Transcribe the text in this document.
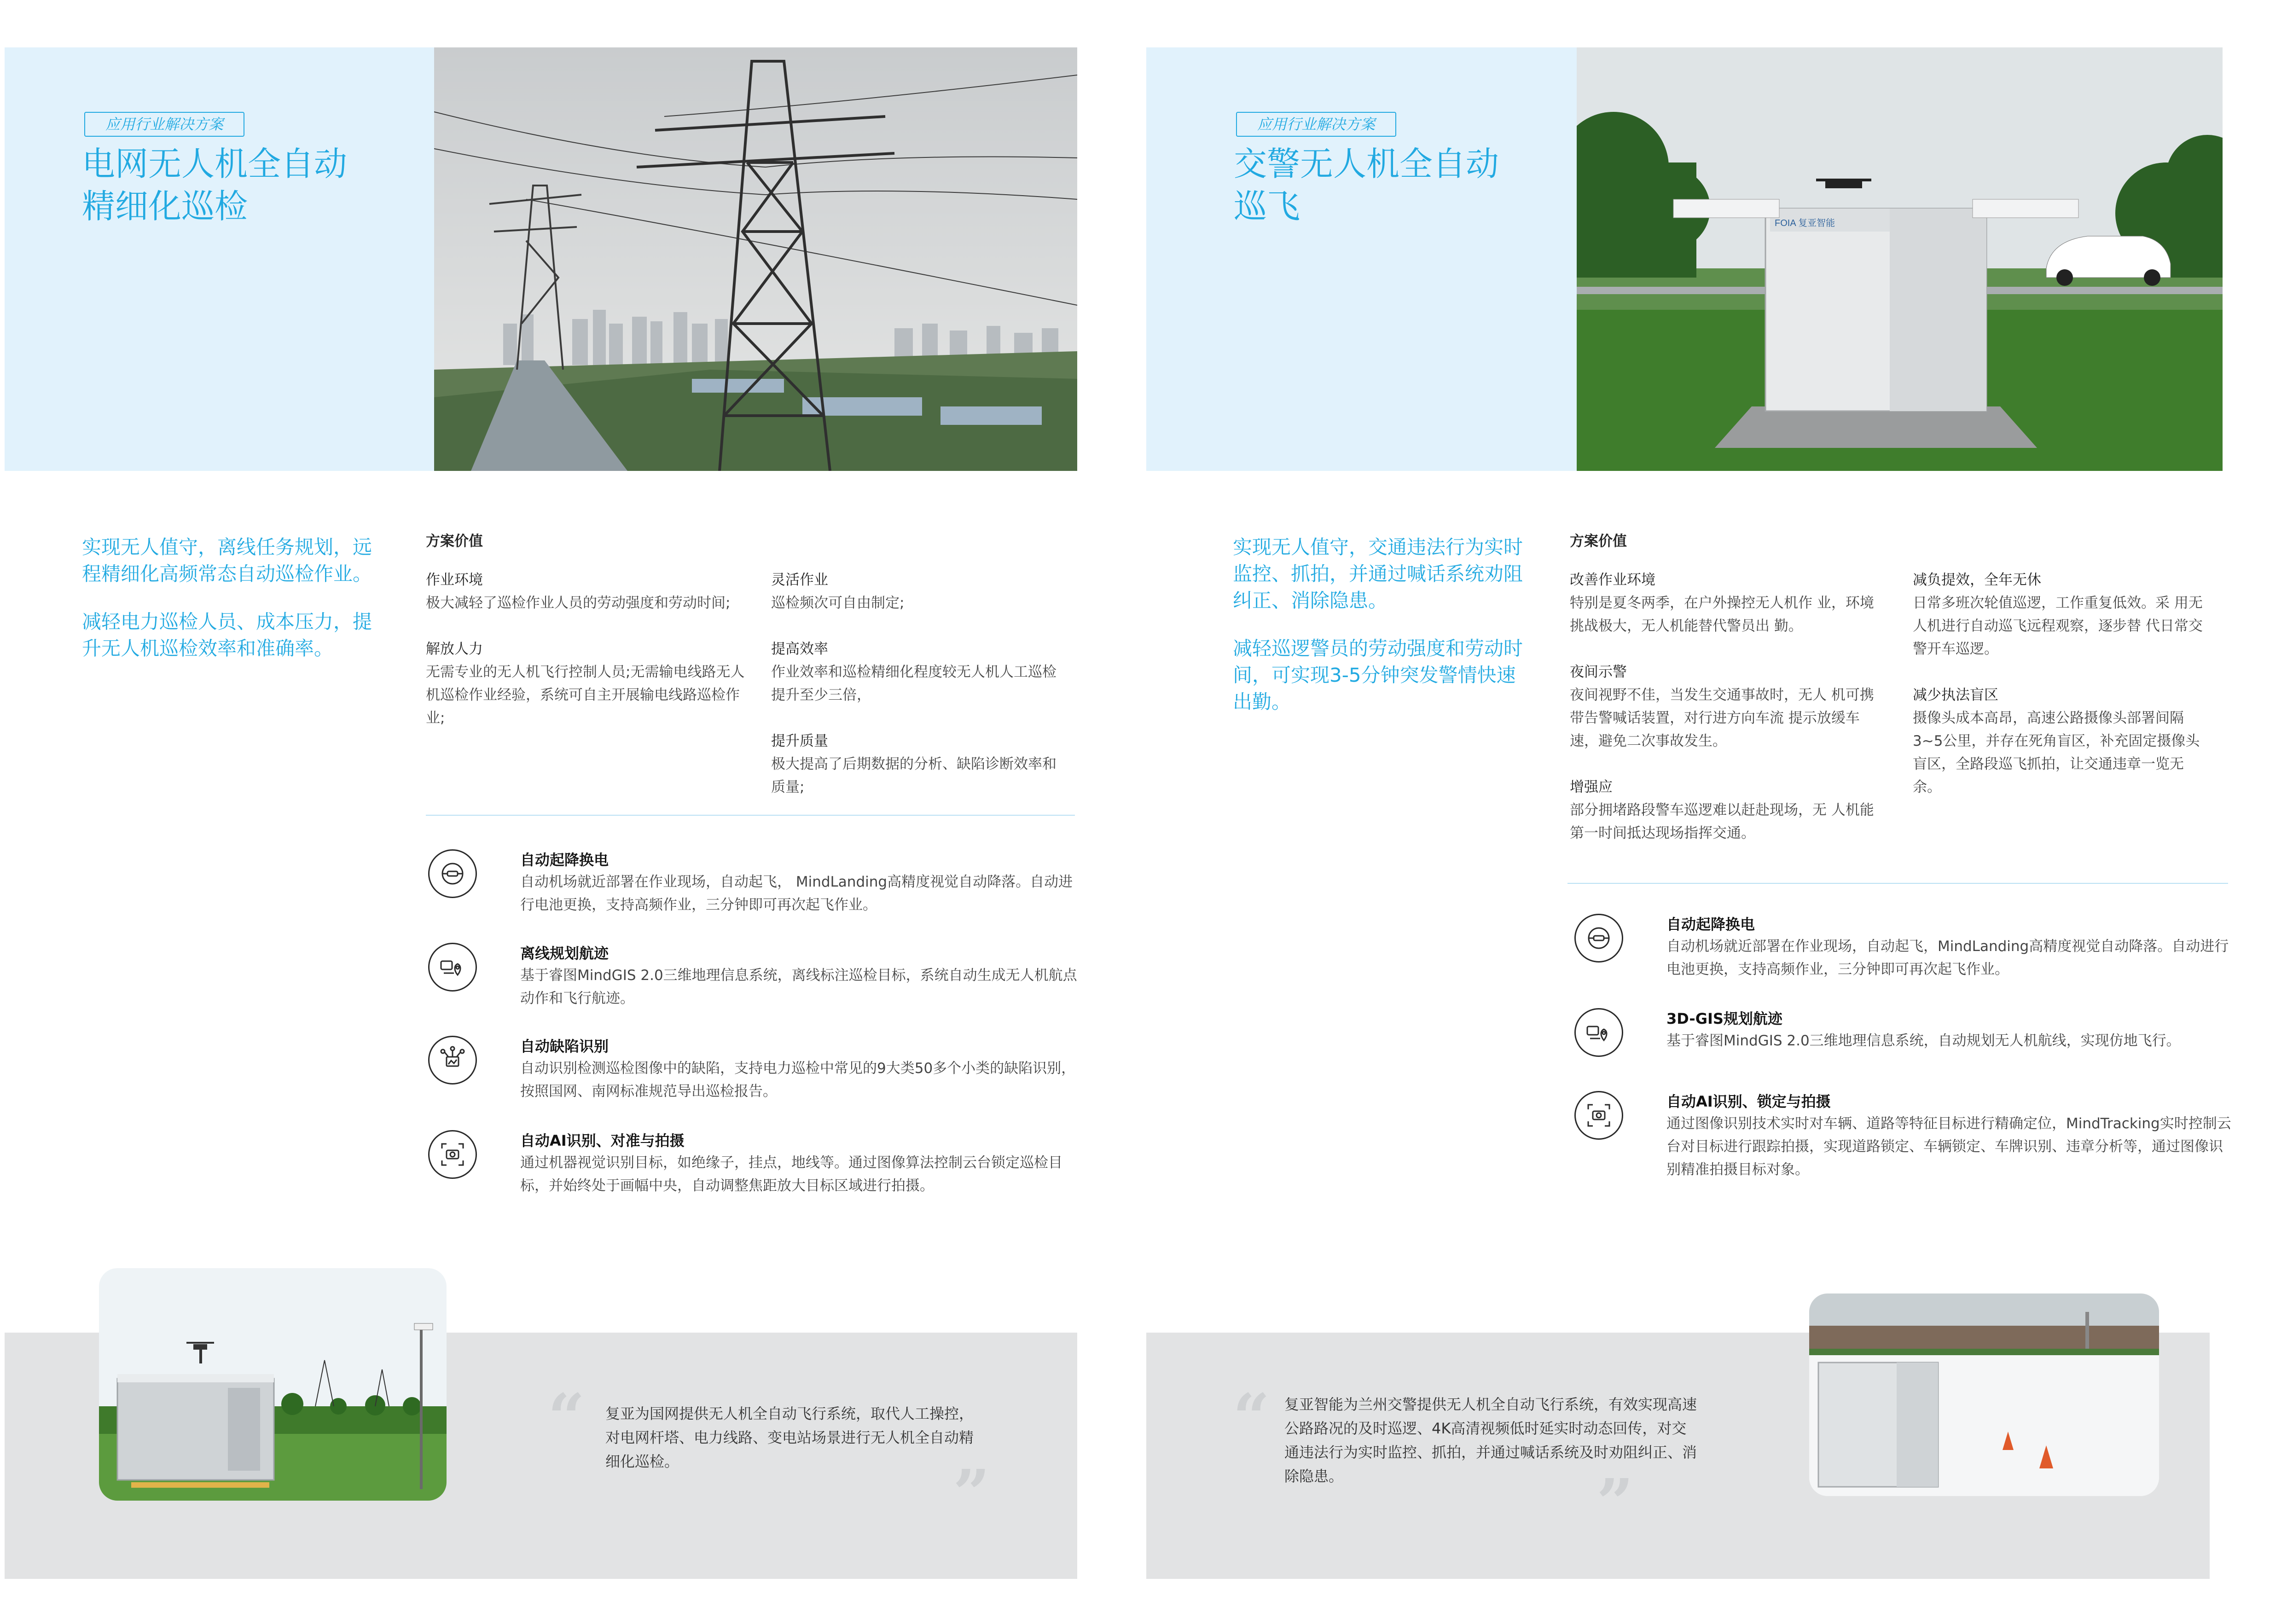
应用行业解决方案
电网无人机全自动
精细化巡检

实现无人值守，离线任务规划，远程精细化高频常态自动巡检作业。

减轻电力巡检人员、成本压力，提升无人机巡检效率和准确率。

方案价值
作业环境
极大减轻了巡检作业人员的劳动强度和劳动时间;
解放人力
无需专业的无人机飞行控制人员;无需输电线路无人机巡检作业经验，系统可自主开展输电线路巡检作业;
灵活作业
巡检频次可自由制定;
提高效率
作业效率和巡检精细化程度较无人机人工巡检提升至少三倍，
提升质量
极大提高了后期数据的分析、缺陷诊断效率和质量;
自动起降换电
自动机场就近部署在作业现场，自动起飞， MindLanding高精度视觉自动降落。自动进行电池更换，支持高频作业，三分钟即可再次起飞作业。
离线规划航迹
基于睿图MindGIS 2.0三维地理信息系统，离线标注巡检目标，系统自动生成无人机航点动作和飞行航迹。
自动缺陷识别
自动识别检测巡检图像中的缺陷，支持电力巡检中常见的9大类50多个小类的缺陷识别，按照国网、南网标准规范导出巡检报告。
自动AI识别、对准与拍摄
通过机器视觉识别目标，如绝缘子，挂点，地线等。通过图像算法控制云台锁定巡检目标，并始终处于画幅中央，自动调整焦距放大目标区域进行拍摄。
“ 复亚为国网提供无人机全自动飞行系统，取代人工操控，对电网杆塔、电力线路、变电站场景进行无人机全自动精细化巡检。	”
应用行业解决方案
交警无人机全自动
巡飞	FOIA 复亚智能

实现无人值守，交通违法行为实时监控、抓拍，并通过喊话系统劝阻纠正、消除隐患。

减轻巡逻警员的劳动强度和劳动时间，可实现3-5分钟突发警情快速出勤。

方案价值
改善作业环境
特别是夏冬两季，在户外操控无人机作 业，环境挑战极大，无人机能替代警员出 勤。
夜间示警
夜间视野不佳，当发生交通事故时，无人 机可携带告警喊话装置，对行进方向车流 提示放缓车速，避免二次事故发生。
增强应
部分拥堵路段警车巡逻难以赶赴现场，无 人机能第一时间抵达现场指挥交通。
减负提效，全年无休
日常多班次轮值巡逻，工作重复低效。采 用无人机进行自动巡飞远程观察，逐步替 代日常交警开车巡逻。
减少执法盲区
摄像头成本高昂，高速公路摄像头部署间隔3~5公里，并存在死角盲区，补充固定摄像头盲区，全路段巡飞抓拍，让交通违章一览无余。
自动起降换电
自动机场就近部署在作业现场，自动起飞，MindLanding高精度视觉自动降落。自动进行电池更换，支持高频作业，三分钟即可再次起飞作业。
3D-GIS规划航迹
基于睿图MindGIS 2.0三维地理信息系统，自动规划无人机航线，实现仿地飞行。
自动AI识别、锁定与拍摄
通过图像识别技术实时对车辆、道路等特征目标进行精确定位，MindTracking实时控制云台对目标进行跟踪拍摄，实现道路锁定、车辆锁定、车牌识别、违章分析等，通过图像识别精准拍摄目标对象。
“ 复亚智能为兰州交警提供无人机全自动飞行系统，有效实现高速公路路况的及时巡逻、4K高清视频低时延实时动态回传，对交通违法行为实时监控、抓拍，并通过喊话系统及时劝阻纠正、消除隐患。	”
